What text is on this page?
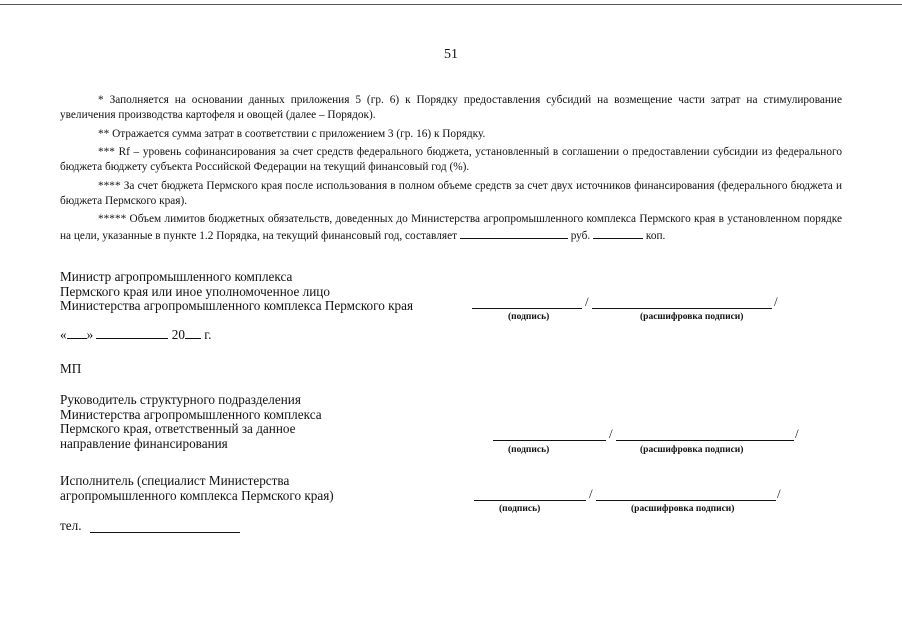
51

* Заполняется на основании данных приложения 5 (гр. 6) к Порядку предоставления субсидий на возмещение части затрат на стимулирование увеличения производства картофеля и овощей (далее – Порядок).

** Отражается сумма затрат в соответствии с приложением 3 (гр. 16) к Порядку.

*** Rf – уровень софинансирования за счет средств федерального бюджета, установленный в соглашении о предоставлении субсидии из федерального бюджета бюджету субъекта Российской Федерации на текущий финансовый год (%).

**** За счет бюджета Пермского края после использования в полном объеме средств за счет двух источников финансирования (федерального бюджета и бюджета Пермского края).

***** Объем лимитов бюджетных обязательств, доведенных до Министерства агропромышленного комплекса Пермского края в установленном порядке на цели, указанные в пункте 1.2 Порядка, на текущий финансовый год, составляет	руб.	коп.

Министр агропромышленного комплекса
Пермского края или иное уполномоченное лицо
Министерства агропромышленного комплекса Пермского края	/	/
(подпись)	(расшифровка подписи)
« »	20 г.
МП
Руководитель структурного подразделения
Министерства агропромышленного комплекса
Пермского края, ответственный за данное
направление финансирования
/	/
(подпись)	(расшифровка подписи)
Исполнитель (специалист Министерства
агропромышленного комплекса Пермского края)	/	/
(подпись)	(расшифровка подписи)
тел.
